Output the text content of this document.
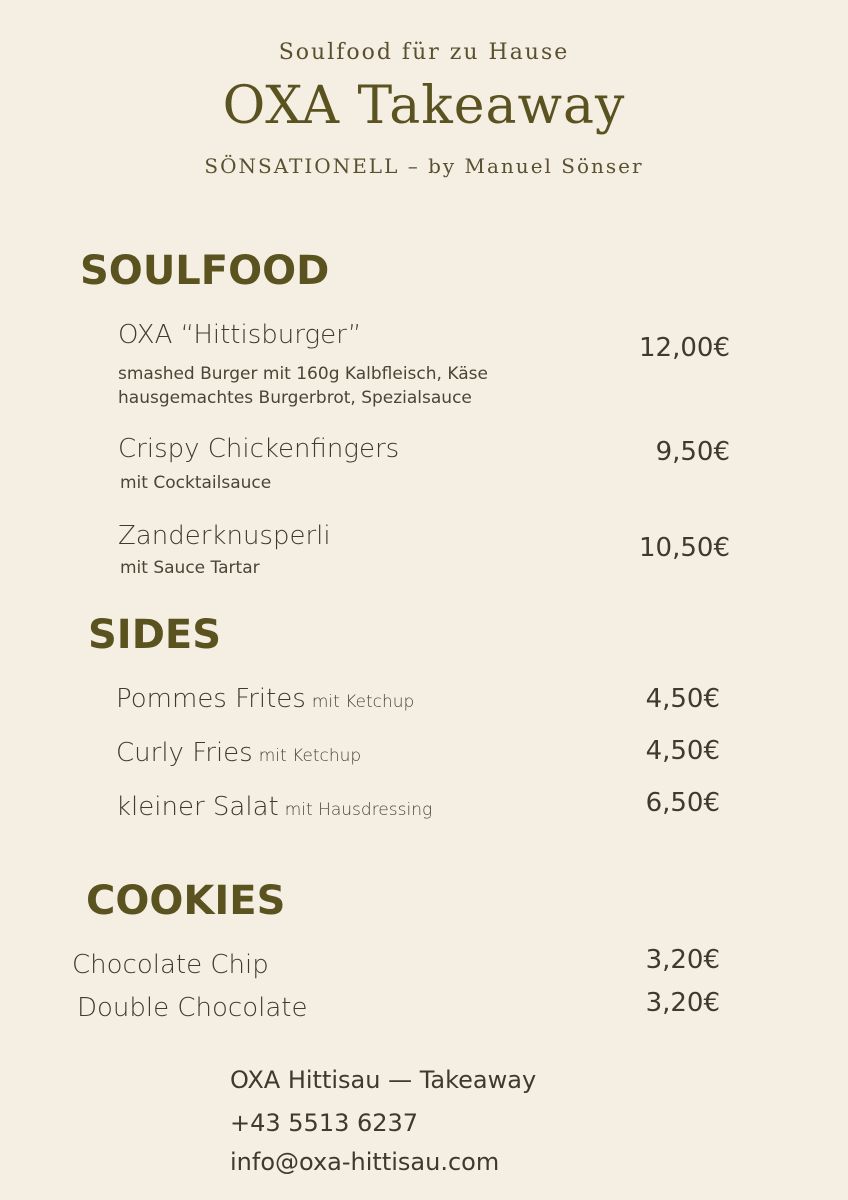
Soulfood für zu Hause
OXA Takeaway
SÖNSATIONELL – by Manuel Sönser
SOULFOOD
OXA “Hittisburger”
smashed Burger mit 160g Kalbfleisch, Käse
hausgemachtes Burgerbrot, Spezialsauce
12,00€
Crispy Chickenfingers
mit Cocktailsauce
9,50€
Zanderknusperli
mit Sauce Tartar
10,50€
SIDES
Pommes Frites mit Ketchup	4,50€
Curly Fries mit Ketchup	4,50€
kleiner Salat mit Hausdressing	6,50€
COOKIES
Chocolate Chip	3,20€
Double Chocolate	3,20€
OXA Hittisau — Takeaway
+43 5513 6237
info@oxa-hittisau.com
